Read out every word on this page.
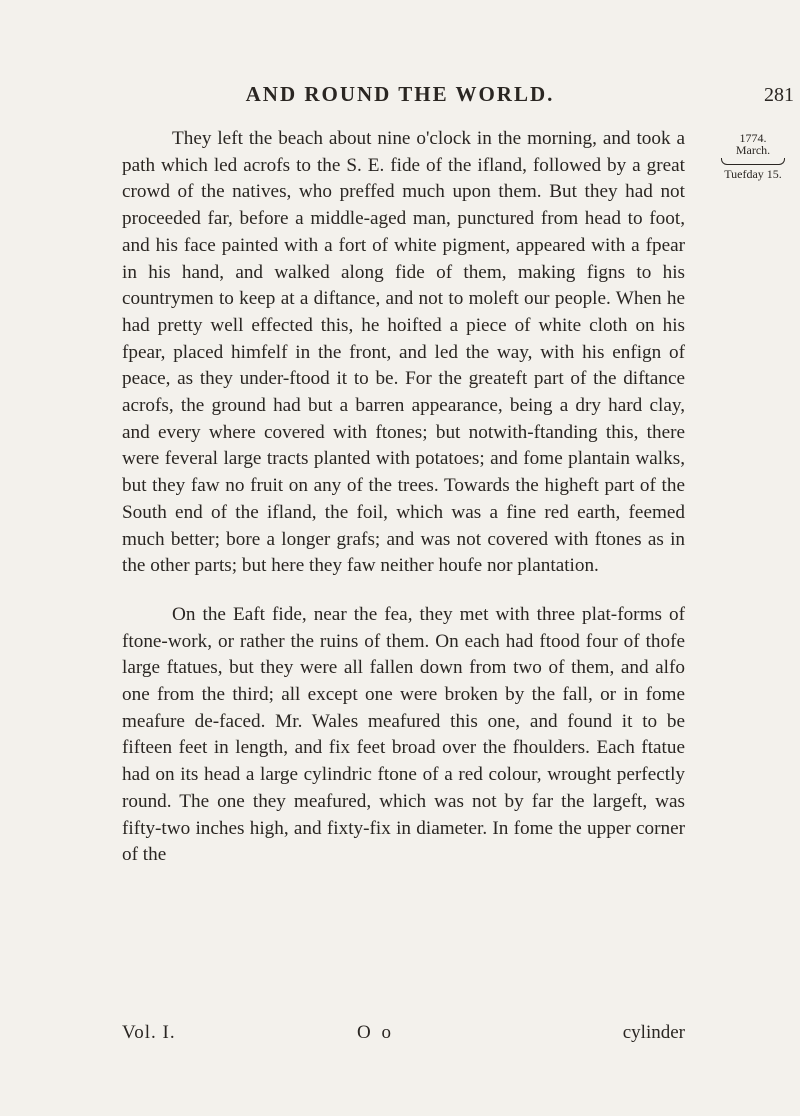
AND ROUND THE WORLD.	281
1774.
March.
Tuefday 15.

They left the beach about nine o'clock in the morning, and took a path which led acrofs to the S. E. fide of the ifland, followed by a great crowd of the natives, who preffed much upon them. But they had not proceeded far, before a middle-aged man, punctured from head to foot, and his face painted with a fort of white pigment, appeared with a fpear in his hand, and walked along fide of them, making figns to his countrymen to keep at a diftance, and not to moleft our people. When he had pretty well effected this, he hoifted a piece of white cloth on his fpear, placed himfelf in the front, and led the way, with his enfign of peace, as they under-ftood it to be. For the greateft part of the diftance acrofs, the ground had but a barren appearance, being a dry hard clay, and every where covered with ftones; but notwith-ftanding this, there were feveral large tracts planted with potatoes; and fome plantain walks, but they faw no fruit on any of the trees. Towards the higheft part of the South end of the ifland, the foil, which was a fine red earth, feemed much better; bore a longer grafs; and was not covered with ftones as in the other parts; but here they faw neither houfe nor plantation.

On the Eaft fide, near the fea, they met with three plat-forms of ftone-work, or rather the ruins of them. On each had ftood four of thofe large ftatues, but they were all fallen down from two of them, and alfo one from the third; all except one were broken by the fall, or in fome meafure de-faced. Mr. Wales meafured this one, and found it to be fifteen feet in length, and fix feet broad over the fhoulders. Each ftatue had on its head a large cylindric ftone of a red colour, wrought perfectly round. The one they meafured, which was not by far the largeft, was fifty-two inches high, and fixty-fix in diameter. In fome the upper corner of the

Vol. I.	O o	cylinder
